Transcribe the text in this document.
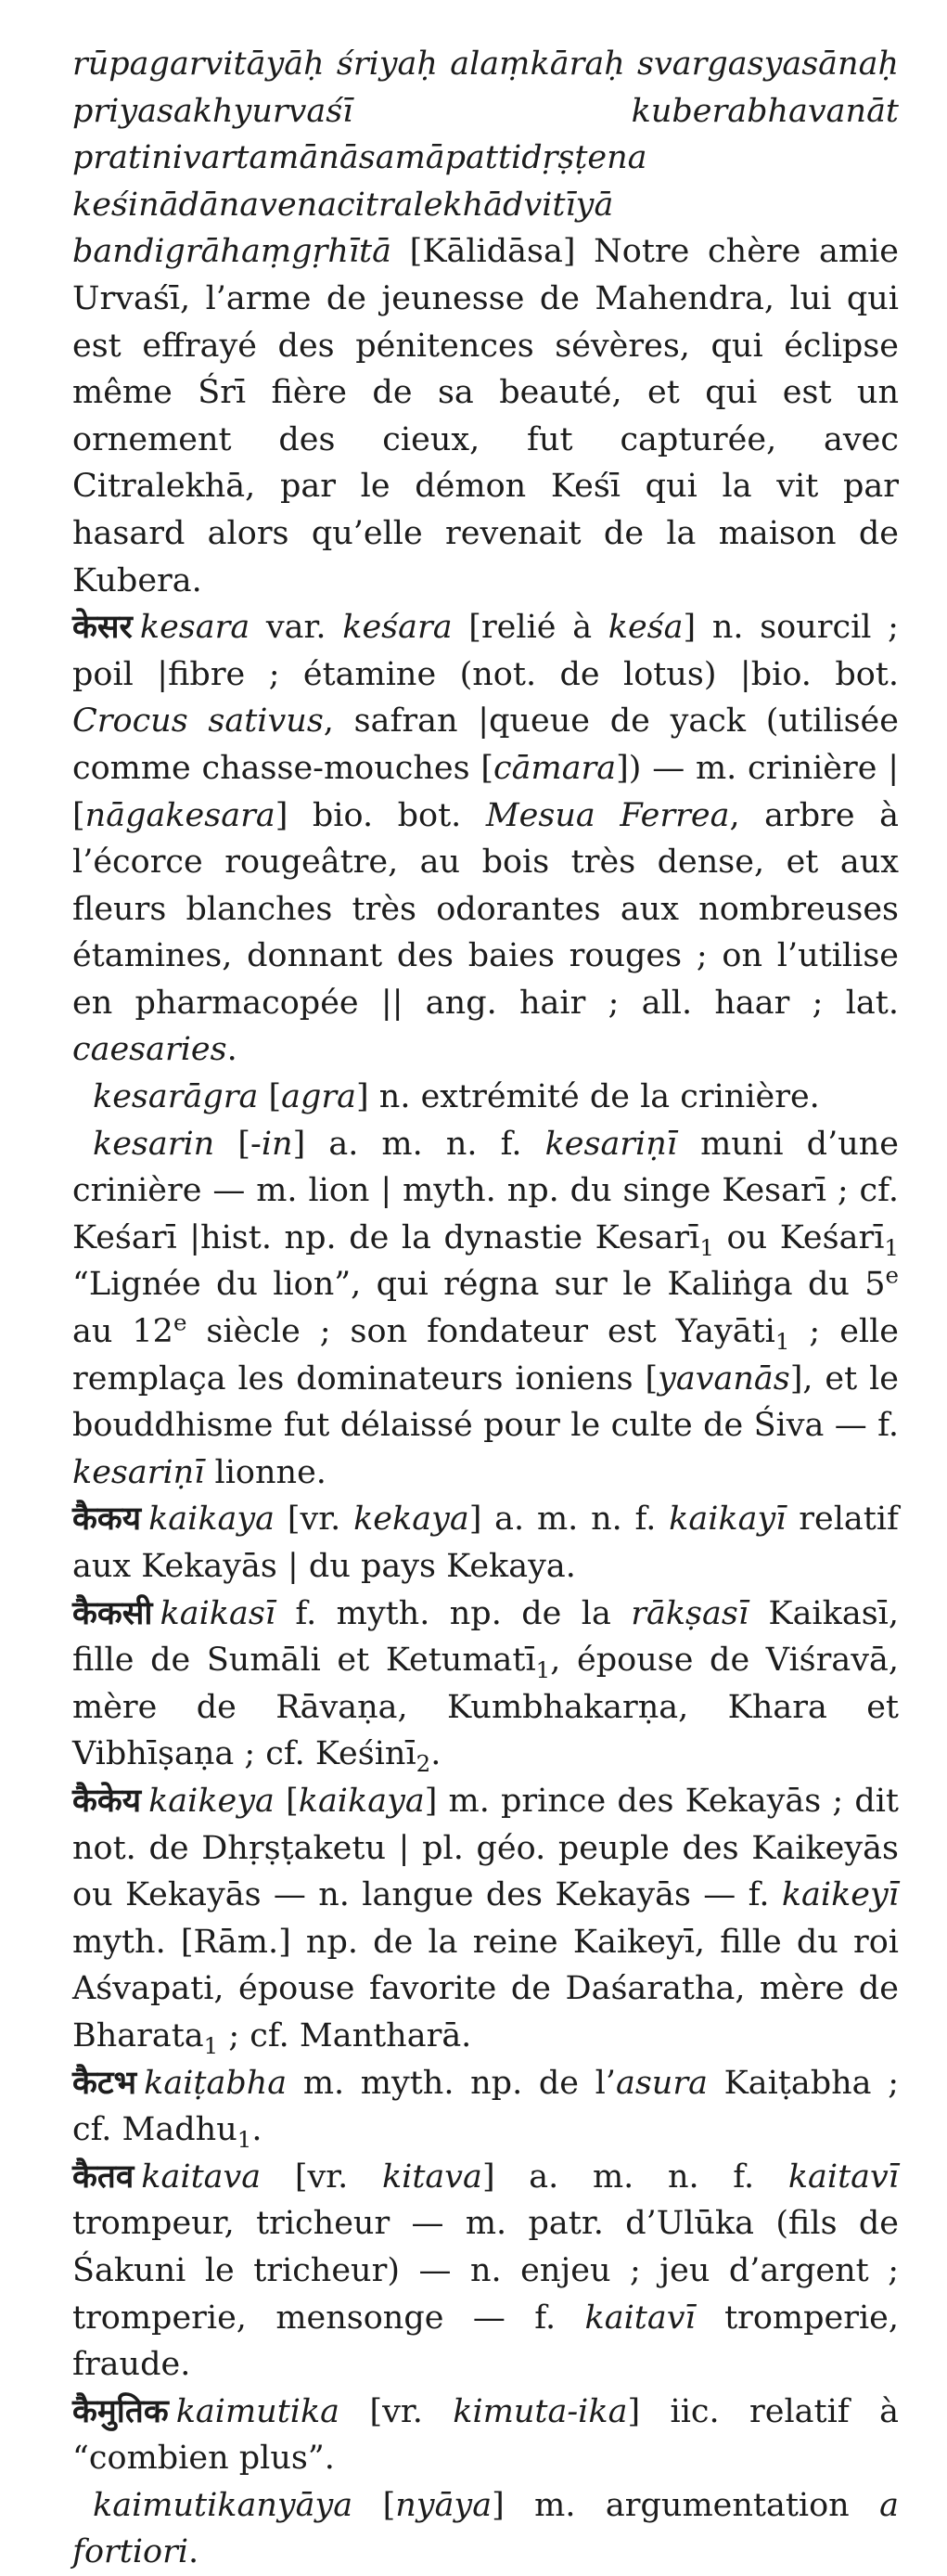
rūpagarvitāyāḥ śriyaḥ alaṃkāraḥ svargasyasānaḥ priyasakhyurvaśī kuberabhavanāt pratinivartamānāsamāpattidṛṣṭena keśinādānavenacitralekhādvitīyā bandigrāhaṃgṛhītā [Kālidāsa] Notre chère amie Urvaśī, l’arme de jeunesse de Mahendra, lui qui est effrayé des pénitences sévères, qui éclipse même Śrī fière de sa beauté, et qui est un ornement des cieux, fut capturée, avec Citralekhā, par le démon Keśī qui la vit par hasard alors qu’elle revenait de la maison de Kubera.

केसर kesara var. keśara [relié à keśa] n. sourcil ; poil |fibre ; étamine (not. de lotus) |bio. bot. Crocus sativus, safran |queue de yack (utilisée comme chasse-mouches [cāmara]) — m. crinière |[nāgakesara] bio. bot. Mesua Ferrea, arbre à l’écorce rougeâtre, au bois très dense, et aux fleurs blanches très odorantes aux nombreuses étamines, donnant des baies rouges ; on l’utilise en pharmacopée || ang. hair ; all. haar ; lat. caesaries.

kesarāgra [agra] n. extrémité de la crinière.

kesarin [-in] a. m. n. f. kesariṇī muni d’une crinière — m. lion | myth. np. du singe Kesarī ; cf. Keśarī |hist. np. de la dynastie Kesarī$_1$ ou Keśarī$_1$ “Lignée du lion”, qui régna sur le Kaliṅga du 5e au 12e siècle ; son fondateur est Yayāti$_1$ ; elle remplaça les dominateurs ioniens [yavanās], et le bouddhisme fut délaissé pour le culte de Śiva — f. kesariṇī lionne.

कैकय kaikaya [vr. kekaya] a. m. n. f. kaikayī relatif aux Kekayās | du pays Kekaya.

कैकसी kaikasī f. myth. np. de la rākṣasī Kaikasī, fille de Sumāli et Ketumatī$_1$, épouse de Viśravā, mère de Rāvaṇa, Kumbhakarṇa, Khara et Vibhīṣaṇa ; cf. Keśinī$_2$.

कैकेय kaikeya [kaikaya] m. prince des Kekayās ; dit not. de Dhṛṣṭaketu | pl. géo. peuple des Kaikeyās ou Kekayās — n. langue des Kekayās — f. kaikeyī myth. [Rām.] np. de la reine Kaikeyī, fille du roi Aśvapati, épouse favorite de Daśaratha, mère de Bharata$_1$ ; cf. Mantharā.

कैटभ kaiṭabha m. myth. np. de l’asura Kaiṭabha ; cf. Madhu$_1$.

कैतव kaitava [vr. kitava] a. m. n. f. kaitavī trompeur, tricheur — m. patr. d’Ulūka (fils de Śakuni le tricheur) — n. enjeu ; jeu d’argent ; tromperie, mensonge — f. kaitavī tromperie, fraude.

कैमुतिक kaimutika [vr. kimuta-ika] iic. relatif à “combien plus”.

kaimutikanyāya [nyāya] m. argumentation a fortiori.
